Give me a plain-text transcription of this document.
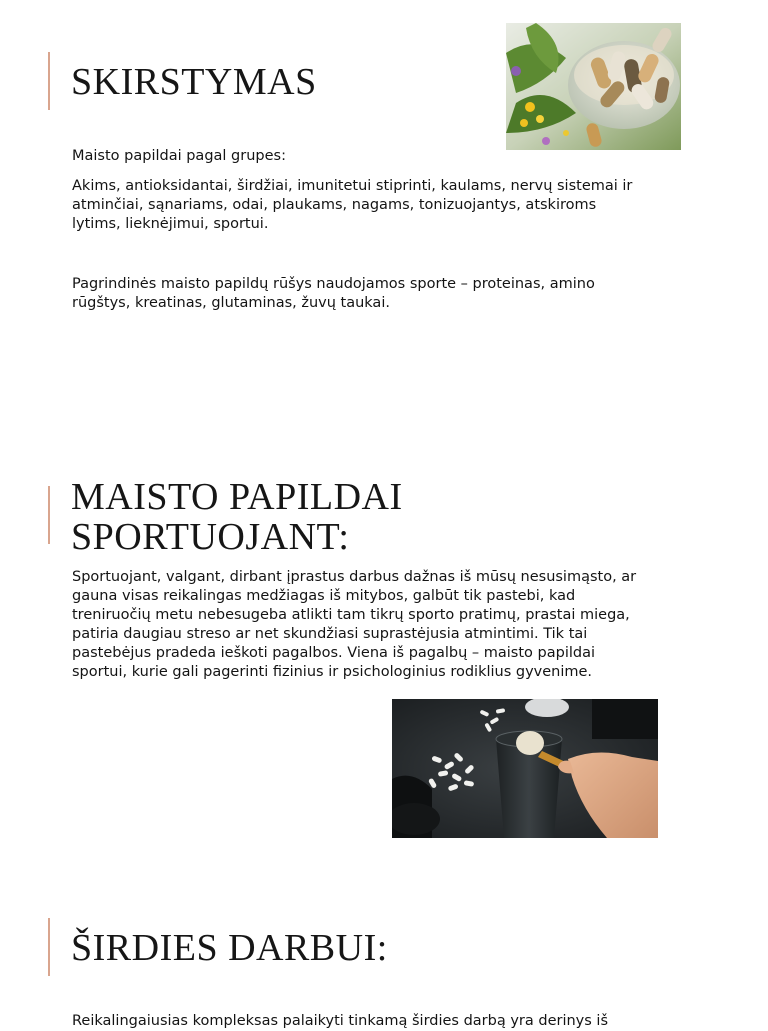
SKIRSTYMAS

Maisto papildai pagal grupes:

Akims, antioksidantai, širdžiai, imunitetui stiprinti, kaulams, nervų sistemai ir
atminčiai, sąnariams, odai, plaukams, nagams, tonizuojantys, atskiroms
lytims, lieknėjimui, sportui.

Pagrindinės maisto papildų rūšys naudojamos sporte – proteinas, amino
rūgštys, kreatinas, glutaminas, žuvų taukai.

MAISTO PAPILDAI
SPORTUOJANT:

Sportuojant, valgant, dirbant įprastus darbus dažnas iš mūsų nesusimąsto, ar
gauna visas reikalingas medžiagas iš mitybos, galbūt tik pastebi, kad
treniruočių metu nebesugeba atlikti tam tikrų sporto pratimų, prastai miega,
patiria daugiau streso ar net skundžiasi suprastėjusia atmintimi. Tik tai
pastebėjus pradeda ieškoti pagalbos. Viena iš pagalbų – maisto papildai
sportui, kurie gali pagerinti fizinius ir psichologinius rodiklius gyvenime.

ŠIRDIES DARBUI:

Reikalingaiusias kompleksas palaikyti tinkamą širdies darbą yra derinys iš
